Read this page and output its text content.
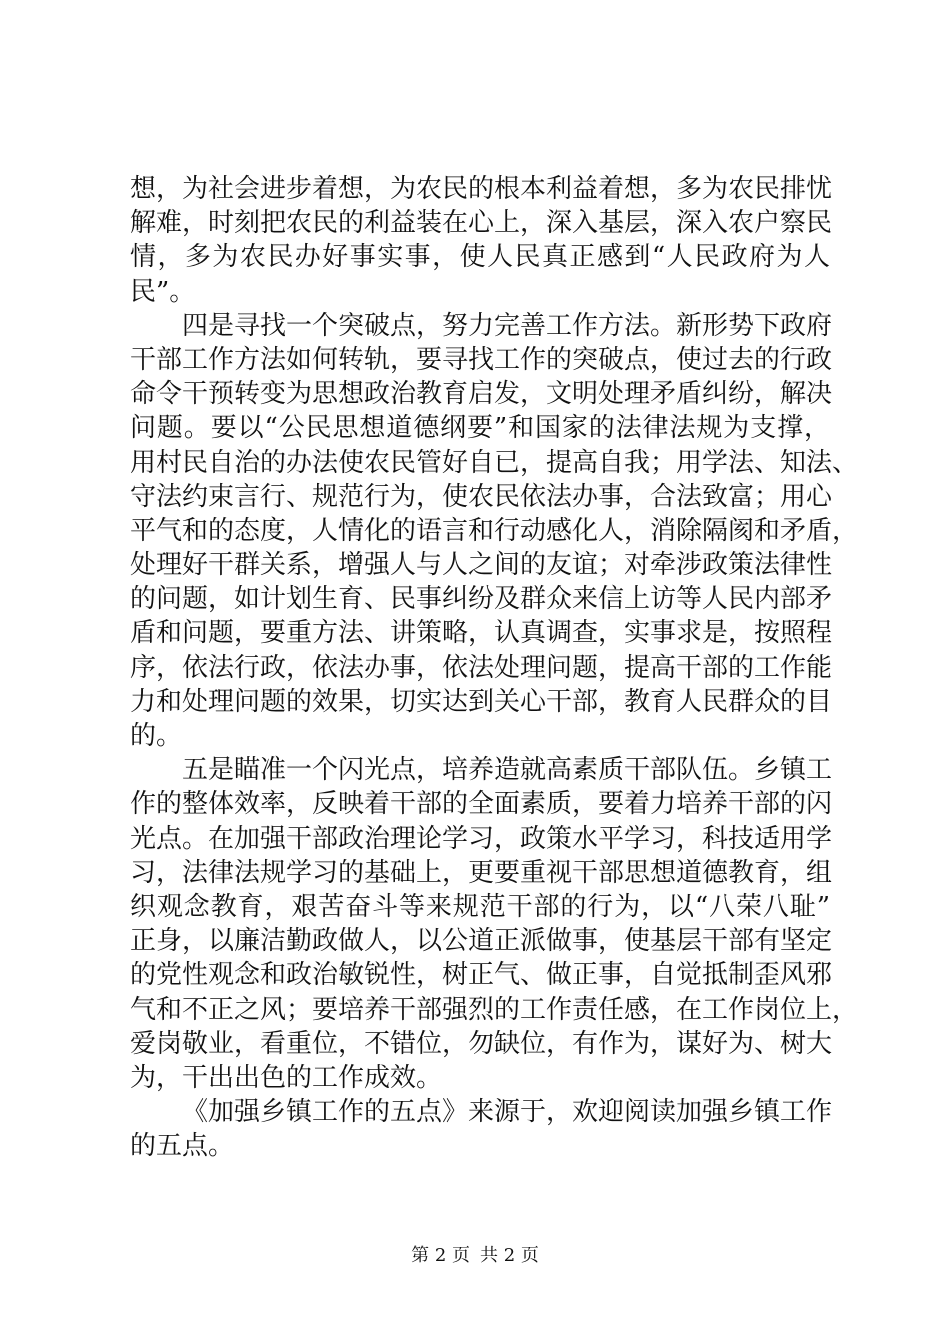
想，为社会进步着想，为农民的根本利益着想，多为农民排忧
解难，时刻把农民的利益装在心上，深入基层，深入农户察民
情，多为农民办好事实事，使人民真正感到“人民政府为人
民”。
四是寻找一个突破点，努力完善工作方法。新形势下政府
干部工作方法如何转轨，要寻找工作的突破点，使过去的行政
命令干预转变为思想政治教育启发，文明处理矛盾纠纷，解决
问题。要以“公民思想道德纲要”和国家的法律法规为支撑，
用村民自治的办法使农民管好自已，提高自我；用学法、知法、
守法约束言行、规范行为，使农民依法办事，合法致富；用心
平气和的态度，人情化的语言和行动感化人，消除隔阂和矛盾，
处理好干群关系，增强人与人之间的友谊；对牵涉政策法律性
的问题，如计划生育、民事纠纷及群众来信上访等人民内部矛
盾和问题，要重方法、讲策略，认真调查，实事求是，按照程
序，依法行政，依法办事，依法处理问题，提高干部的工作能
力和处理问题的效果，切实达到关心干部，教育人民群众的目
的。
五是瞄准一个闪光点，培养造就高素质干部队伍。乡镇工
作的整体效率，反映着干部的全面素质，要着力培养干部的闪
光点。在加强干部政治理论学习，政策水平学习，科技适用学
习，法律法规学习的基础上，更要重视干部思想道德教育，组
织观念教育，艰苦奋斗等来规范干部的行为，以“八荣八耻”
正身，以廉洁勤政做人，以公道正派做事，使基层干部有坚定
的党性观念和政治敏锐性，树正气、做正事，自觉抵制歪风邪
气和不正之风；要培养干部强烈的工作责任感，在工作岗位上，
爱岗敬业，看重位，不错位，勿缺位，有作为，谋好为、树大
为，干出出色的工作成效。
《加强乡镇工作的五点》来源于，欢迎阅读加强乡镇工作
的五点。
第 2 页 共 2 页
